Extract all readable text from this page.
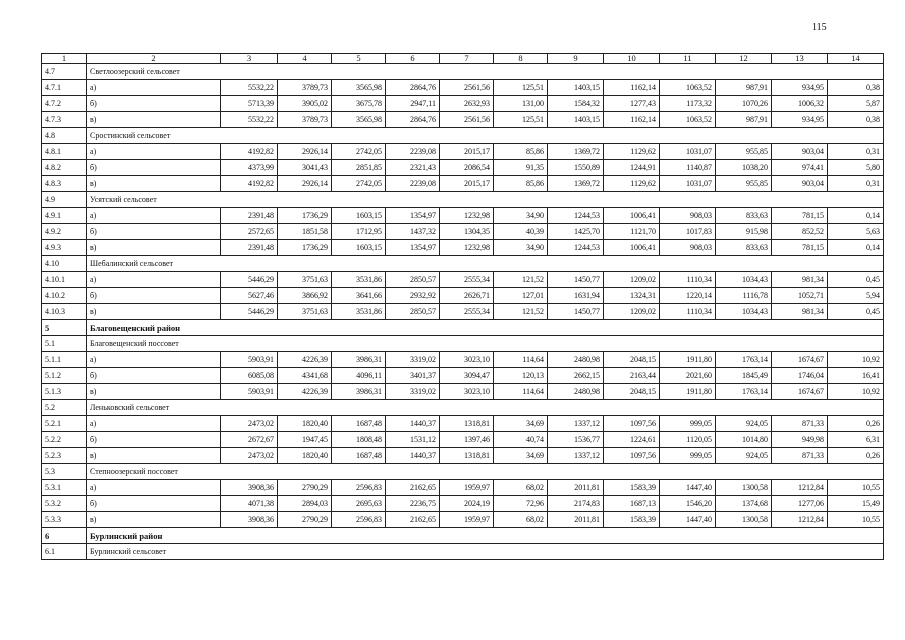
115
1	2	3	4	5	6	7	8	9	10	11	12	13	14
4.7	Светлоозерский сельсовет												
4.7.1	а)	5532,22	3789,73	3565,98	2864,76	2561,56	125,51	1403,15	1162,14	1063,52	987,91	934,95	0,38
4.7.2	б)	5713,39	3905,02	3675,78	2947,11	2632,93	131,00	1584,32	1277,43	1173,32	1070,26	1006,32	5,87
4.7.3	в)	5532,22	3789,73	3565,98	2864,76	2561,56	125,51	1403,15	1162,14	1063,52	987,91	934,95	0,38
4.8	Сростинский сельсовет												
4.8.1	а)	4192,82	2926,14	2742,05	2239,08	2015,17	85,86	1369,72	1129,62	1031,07	955,85	903,04	0,31
4.8.2	б)	4373,99	3041,43	2851,85	2321,43	2086,54	91,35	1550,89	1244,91	1140,87	1038,20	974,41	5,80
4.8.3	в)	4192,82	2926,14	2742,05	2239,08	2015,17	85,86	1369,72	1129,62	1031,07	955,85	903,04	0,31
4.9	Усятский сельсовет												
4.9.1	а)	2391,48	1736,29	1603,15	1354,97	1232,98	34,90	1244,53	1006,41	908,03	833,63	781,15	0,14
4.9.2	б)	2572,65	1851,58	1712,95	1437,32	1304,35	40,39	1425,70	1121,70	1017,83	915,98	852,52	5,63
4.9.3	в)	2391,48	1736,29	1603,15	1354,97	1232,98	34,90	1244,53	1006,41	908,03	833,63	781,15	0,14
4.10	Шебалинский сельсовет												
4.10.1	а)	5446,29	3751,63	3531,86	2850,57	2555,34	121,52	1450,77	1209,02	1110,34	1034,43	981,34	0,45
4.10.2	б)	5627,46	3866,92	3641,66	2932,92	2626,71	127,01	1631,94	1324,31	1220,14	1116,78	1052,71	5,94
4.10.3	в)	5446,29	3751,63	3531,86	2850,57	2555,34	121,52	1450,77	1209,02	1110,34	1034,43	981,34	0,45
5	Благовещенский район												
5.1	Благовещенский поссовет												
5.1.1	а)	5903,91	4226,39	3986,31	3319,02	3023,10	114,64	2480,98	2048,15	1911,80	1763,14	1674,67	10,92
5.1.2	б)	6085,08	4341,68	4096,11	3401,37	3094,47	120,13	2662,15	2163,44	2021,60	1845,49	1746,04	16,41
5.1.3	в)	5903,91	4226,39	3986,31	3319,02	3023,10	114,64	2480,98	2048,15	1911,80	1763,14	1674,67	10,92
5.2	Леньковский сельсовет												
5.2.1	а)	2473,02	1820,40	1687,48	1440,37	1318,81	34,69	1337,12	1097,56	999,05	924,05	871,33	0,26
5.2.2	б)	2672,67	1947,45	1808,48	1531,12	1397,46	40,74	1536,77	1224,61	1120,05	1014,80	949,98	6,31
5.2.3	в)	2473,02	1820,40	1687,48	1440,37	1318,81	34,69	1337,12	1097,56	999,05	924,05	871,33	0,26
5.3	Степноозерский поссовет												
5.3.1	а)	3908,36	2790,29	2596,83	2162,65	1959,97	68,02	2011,81	1583,39	1447,40	1300,58	1212,84	10,55
5.3.2	б)	4071,38	2894,03	2695,63	2236,75	2024,19	72,96	2174,83	1687,13	1546,20	1374,68	1277,06	15,49
5.3.3	в)	3908,36	2790,29	2596,83	2162,65	1959,97	68,02	2011,81	1583,39	1447,40	1300,58	1212,84	10,55
6	Бурлинский район												
6.1	Бурлинский сельсовет												
